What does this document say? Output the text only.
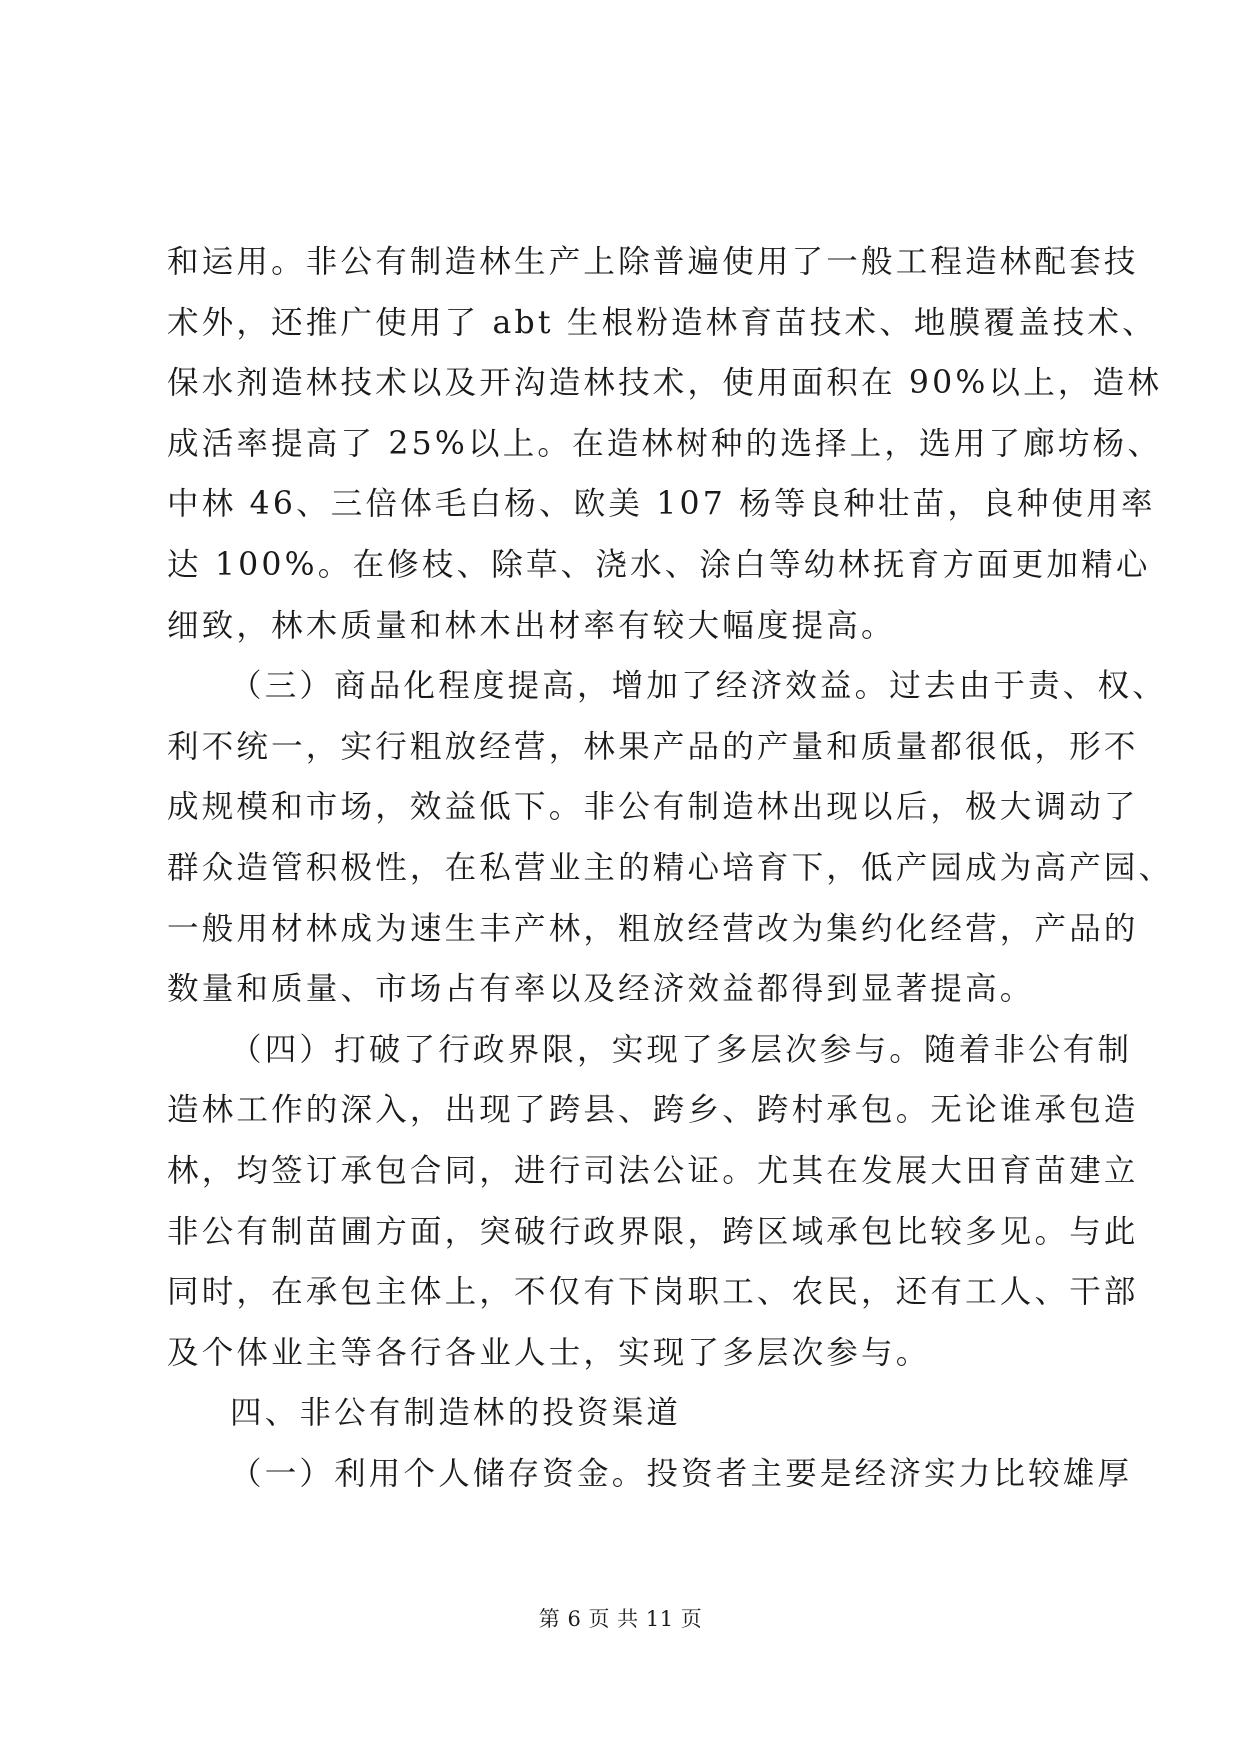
和运用。非公有制造林生产上除普遍使用了一般工程造林配套技
术外，还推广使用了 abt 生根粉造林育苗技术、地膜覆盖技术、
保水剂造林技术以及开沟造林技术，使用面积在 90%以上，造林
成活率提高了 25%以上。在造林树种的选择上，选用了廊坊杨、
中林 46、三倍体毛白杨、欧美 107 杨等良种壮苗，良种使用率
达 100%。在修枝、除草、浇水、涂白等幼林抚育方面更加精心
细致，林木质量和林木出材率有较大幅度提高。
（三）商品化程度提高，增加了经济效益。过去由于责、权、
利不统一，实行粗放经营，林果产品的产量和质量都很低，形不
成规模和市场，效益低下。非公有制造林出现以后，极大调动了
群众造管积极性，在私营业主的精心培育下，低产园成为高产园、
一般用材林成为速生丰产林，粗放经营改为集约化经营，产品的
数量和质量、市场占有率以及经济效益都得到显著提高。
（四）打破了行政界限，实现了多层次参与。随着非公有制
造林工作的深入，出现了跨县、跨乡、跨村承包。无论谁承包造
林，均签订承包合同，进行司法公证。尤其在发展大田育苗建立
非公有制苗圃方面，突破行政界限，跨区域承包比较多见。与此
同时，在承包主体上，不仅有下岗职工、农民，还有工人、干部
及个体业主等各行各业人士，实现了多层次参与。
四、非公有制造林的投资渠道
（一）利用个人储存资金。投资者主要是经济实力比较雄厚
第 6 页 共 11 页
